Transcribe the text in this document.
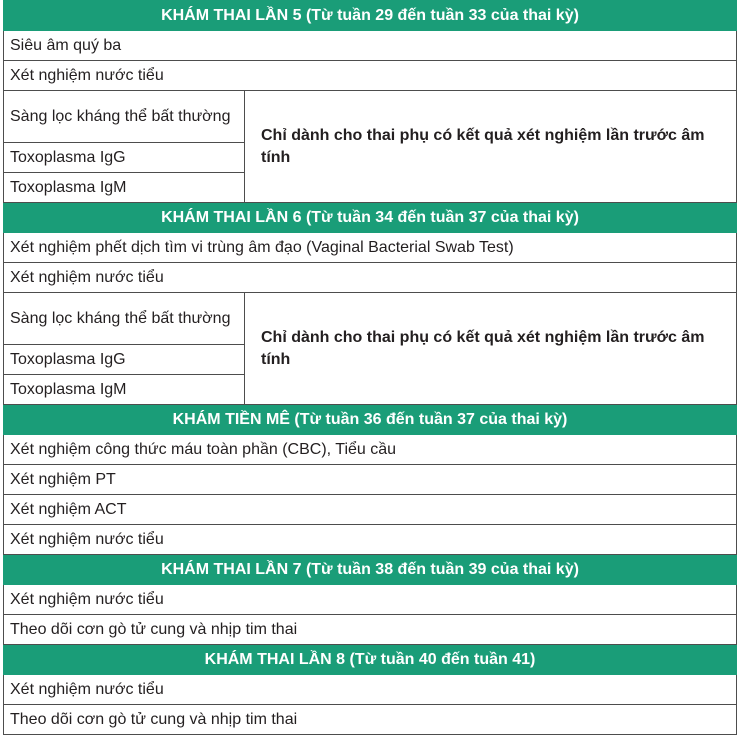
KHÁM THAI LẦN 5 (Từ tuần 29 đến tuần 33 của thai kỳ)	
Siêu âm quý ba	
Xét nghiệm nước tiểu	
Sàng lọc kháng thể bất thường	Chỉ dành cho thai phụ có kết quả xét nghiệm lần trước âm tính
Toxoplasma IgG	
Toxoplasma IgM	
KHÁM THAI LẦN 6 (Từ tuần 34 đến tuần 37 của thai kỳ)	
Xét nghiệm phết dịch tìm vi trùng âm đạo (Vaginal Bacterial Swab Test)	
Xét nghiệm nước tiểu	
Sàng lọc kháng thể bất thường	Chỉ dành cho thai phụ có kết quả xét nghiệm lần trước âm tính
Toxoplasma IgG	
Toxoplasma IgM	
KHÁM TIỀN MÊ (Từ tuần 36 đến tuần 37 của thai kỳ)	
Xét nghiệm công thức máu toàn phần (CBC), Tiểu cầu	
Xét nghiệm PT	
Xét nghiệm ACT	
Xét nghiệm nước tiểu	
KHÁM THAI LẦN 7 (Từ tuần 38 đến tuần 39 của thai kỳ)	
Xét nghiệm nước tiểu	
Theo dõi cơn gò tử cung và nhịp tim thai	
KHÁM THAI LẦN 8 (Từ tuần 40 đến tuần 41)	
Xét nghiệm nước tiểu	
Theo dõi cơn gò tử cung và nhịp tim thai	
